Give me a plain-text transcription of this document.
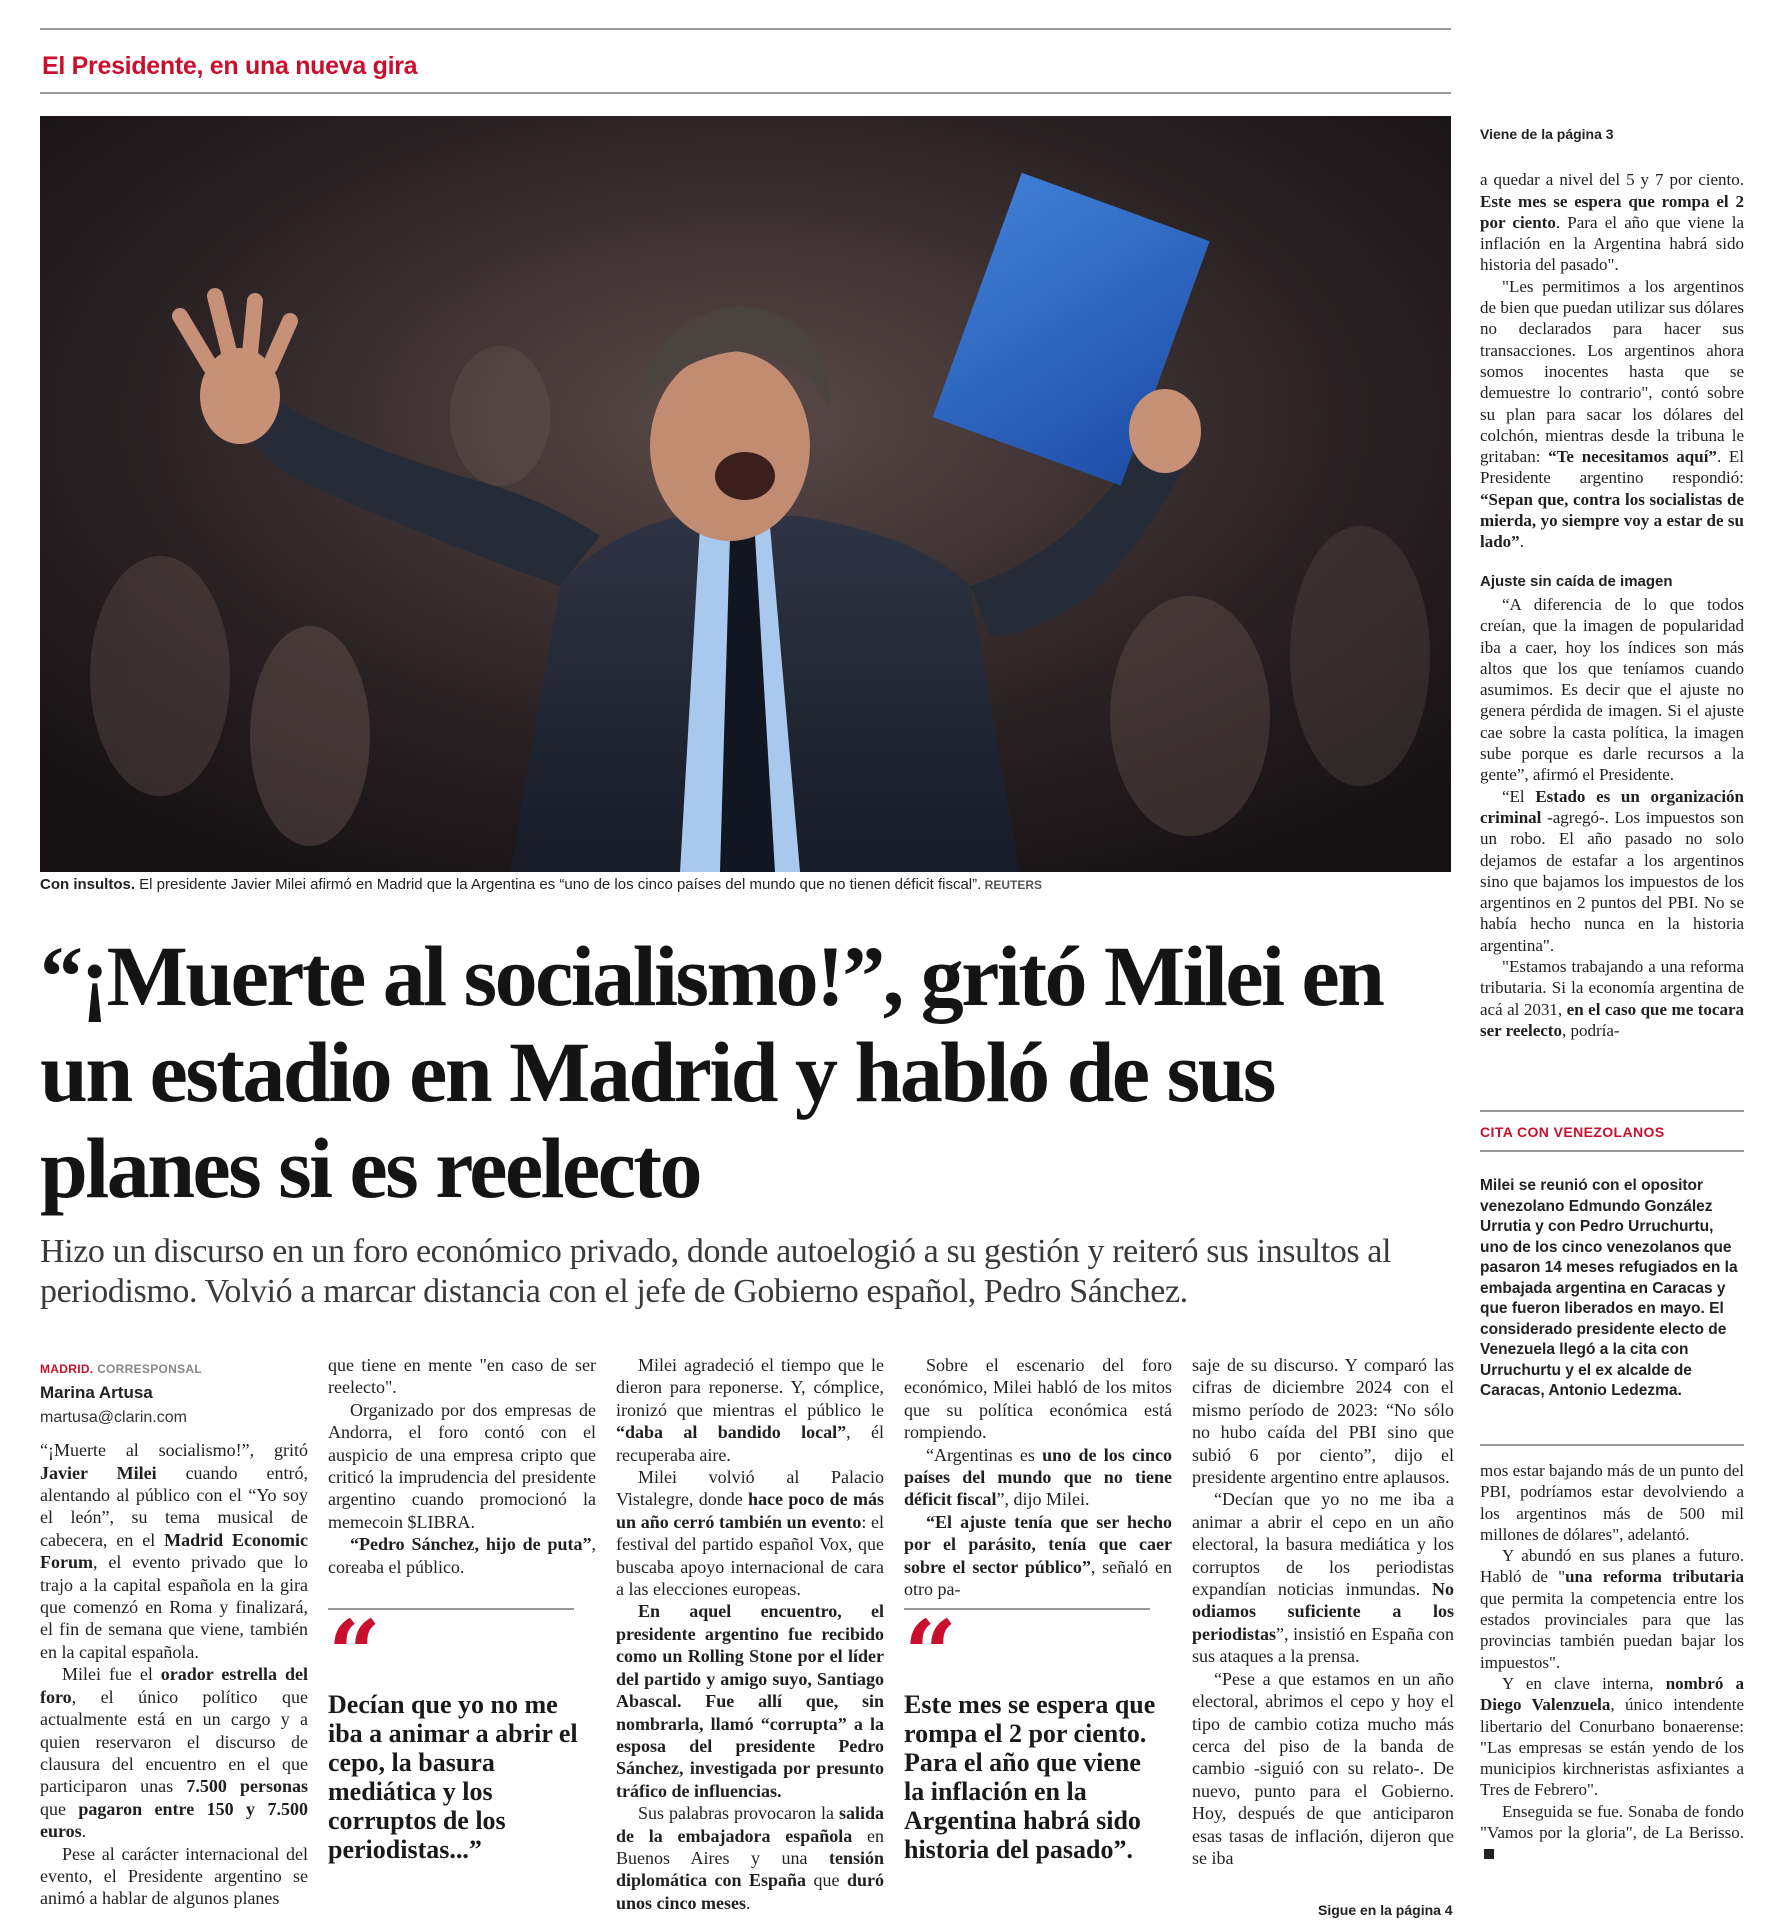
El Presidente, en una nueva gira
Con insultos. El presidente Javier Milei afirmó en Madrid que la Argentina es “uno de los cinco países del mundo que no tienen déficit fiscal”. REUTERS
“¡Muerte al socialismo!”, gritó Milei en un estadio en Madrid y habló de sus planes si es reelecto
Hizo un discurso en un foro económico privado, donde autoelogió a su gestión y reiteró sus insultos al periodismo. Volvió a marcar distancia con el jefe de Gobierno español, Pedro Sánchez.
MADRID. CORRESPONSAL
Marina Artusa
martusa@clarin.com

“¡Muerte al socialismo!”, gritó Javier Milei cuando entró, alentando al público con el “Yo soy el león”, su tema musical de cabecera, en el Madrid Economic Forum, el evento privado que lo trajo a la capital española en la gira que comenzó en Roma y finalizará, el fin de semana que viene, también en la capital española.

Milei fue el orador estrella del foro, el único político que actualmente está en un cargo y a quien reservaron el discurso de clausura del encuentro en el que participaron unas 7.500 personas que pagaron entre 150 y 7.500 euros.

Pese al carácter internacional del evento, el Presidente argentino se animó a hablar de algunos planes

que tiene en mente "en caso de ser reelecto".

Organizado por dos empresas de Andorra, el foro contó con el auspicio de una empresa cripto que criticó la imprudencia del presidente argentino cuando promocionó la memecoin $LIBRA.

“Pedro Sánchez, hijo de puta”, coreaba el público.

“
Decían que yo no me iba a animar a abrir el cepo, la basura mediática y los corruptos de los periodistas...”

Milei agradeció el tiempo que le dieron para reponerse. Y, cómplice, ironizó que mientras el público le “daba al bandido local”, él recuperaba aire.

Milei volvió al Palacio Vistalegre, donde hace poco de más un año cerró también un evento: el festival del partido español Vox, que buscaba apoyo internacional de cara a las elecciones europeas.

En aquel encuentro, el presidente argentino fue recibido como un Rolling Stone por el líder del partido y amigo suyo, Santiago Abascal. Fue allí que, sin nombrarla, llamó “corrupta” a la esposa del presidente Pedro Sánchez, investigada por presunto tráfico de influencias.

Sus palabras provocaron la salida de la embajadora española en Buenos Aires y una tensión diplomática con España que duró unos cinco meses.

Sobre el escenario del foro económico, Milei habló de los mitos que su política económica está rompiendo.

“Argentinas es uno de los cinco países del mundo que no tiene déficit fiscal”, dijo Milei.

“El ajuste tenía que ser hecho por el parásito, tenía que caer sobre el sector público”, señaló en otro pa-

“
Este mes se espera que rompa el 2 por ciento. Para el año que viene la inflación en la Argentina habrá sido historia del pasado”.

saje de su discurso. Y comparó las cifras de diciembre 2024 con el mismo período de 2023: “No sólo no hubo caída del PBI sino que subió 6 por ciento”, dijo el presidente argentino entre aplausos.

“Decían que yo no me iba a animar a abrir el cepo en un año electoral, la basura mediática y los corruptos de los periodistas expandían noticias inmundas. No odiamos suficiente a los periodistas”, insistió en España con sus ataques a la prensa.

“Pese a que estamos en un año electoral, abrimos el cepo y hoy el tipo de cambio cotiza mucho más cerca del piso de la banda de cambio -siguió con su relato-. De nuevo, punto para el Gobierno. Hoy, después de que anticiparon esas tasas de inflación, dijeron que se iba

Sigue en la página 4
Viene de la página 3

a quedar a nivel del 5 y 7 por ciento. Este mes se espera que rompa el 2 por ciento. Para el año que viene la inflación en la Argentina habrá sido historia del pasado".

"Les permitimos a los argentinos de bien que puedan utilizar sus dólares no declarados para hacer sus transacciones. Los argentinos ahora somos inocentes hasta que se demuestre lo contrario", contó sobre su plan para sacar los dólares del colchón, mientras desde la tribuna le gritaban: “Te necesitamos aquí”. El Presidente argentino respondió: “Sepan que, contra los socialistas de mierda, yo siempre voy a estar de su lado”.

Ajuste sin caída de imagen

“A diferencia de lo que todos creían, que la imagen de popularidad iba a caer, hoy los índices son más altos que los que teníamos cuando asumimos. Es decir que el ajuste no genera pérdida de imagen. Si el ajuste cae sobre la casta política, la imagen sube porque es darle recursos a la gente”, afirmó el Presidente.

“El Estado es un organización criminal -agregó-. Los impuestos son un robo. El año pasado no solo dejamos de estafar a los argentinos sino que bajamos los impuestos de los argentinos en 2 puntos del PBI. No se había hecho nunca en la historia argentina".

"Estamos trabajando a una reforma tributaria. Si la economía argentina de acá al 2031, en el caso que me tocara ser reelecto, podría-

CITA CON VENEZOLANOS
Milei se reunió con el opositor venezolano Edmundo González Urrutia y con Pedro Urruchurtu, uno de los cinco venezolanos que pasaron 14 meses refugiados en la embajada argentina en Caracas y que fueron liberados en mayo. El considerado presidente electo de Venezuela llegó a la cita con Urruchurtu y el ex alcalde de Caracas, Antonio Ledezma.

mos estar bajando más de un punto del PBI, podríamos estar devolviendo a los argentinos más de 500 mil millones de dólares", adelantó.

Y abundó en sus planes a futuro. Habló de "una reforma tributaria que permita la competencia entre los estados provinciales para que las provincias también puedan bajar los impuestos".

Y en clave interna, nombró a Diego Valenzuela, único intendente libertario del Conurbano bonaerense: "Las empresas se están yendo de los municipios kirchneristas asfixiantes a Tres de Febrero".

Enseguida se fue. Sonaba de fondo "Vamos por la gloria", de La Berisso.
